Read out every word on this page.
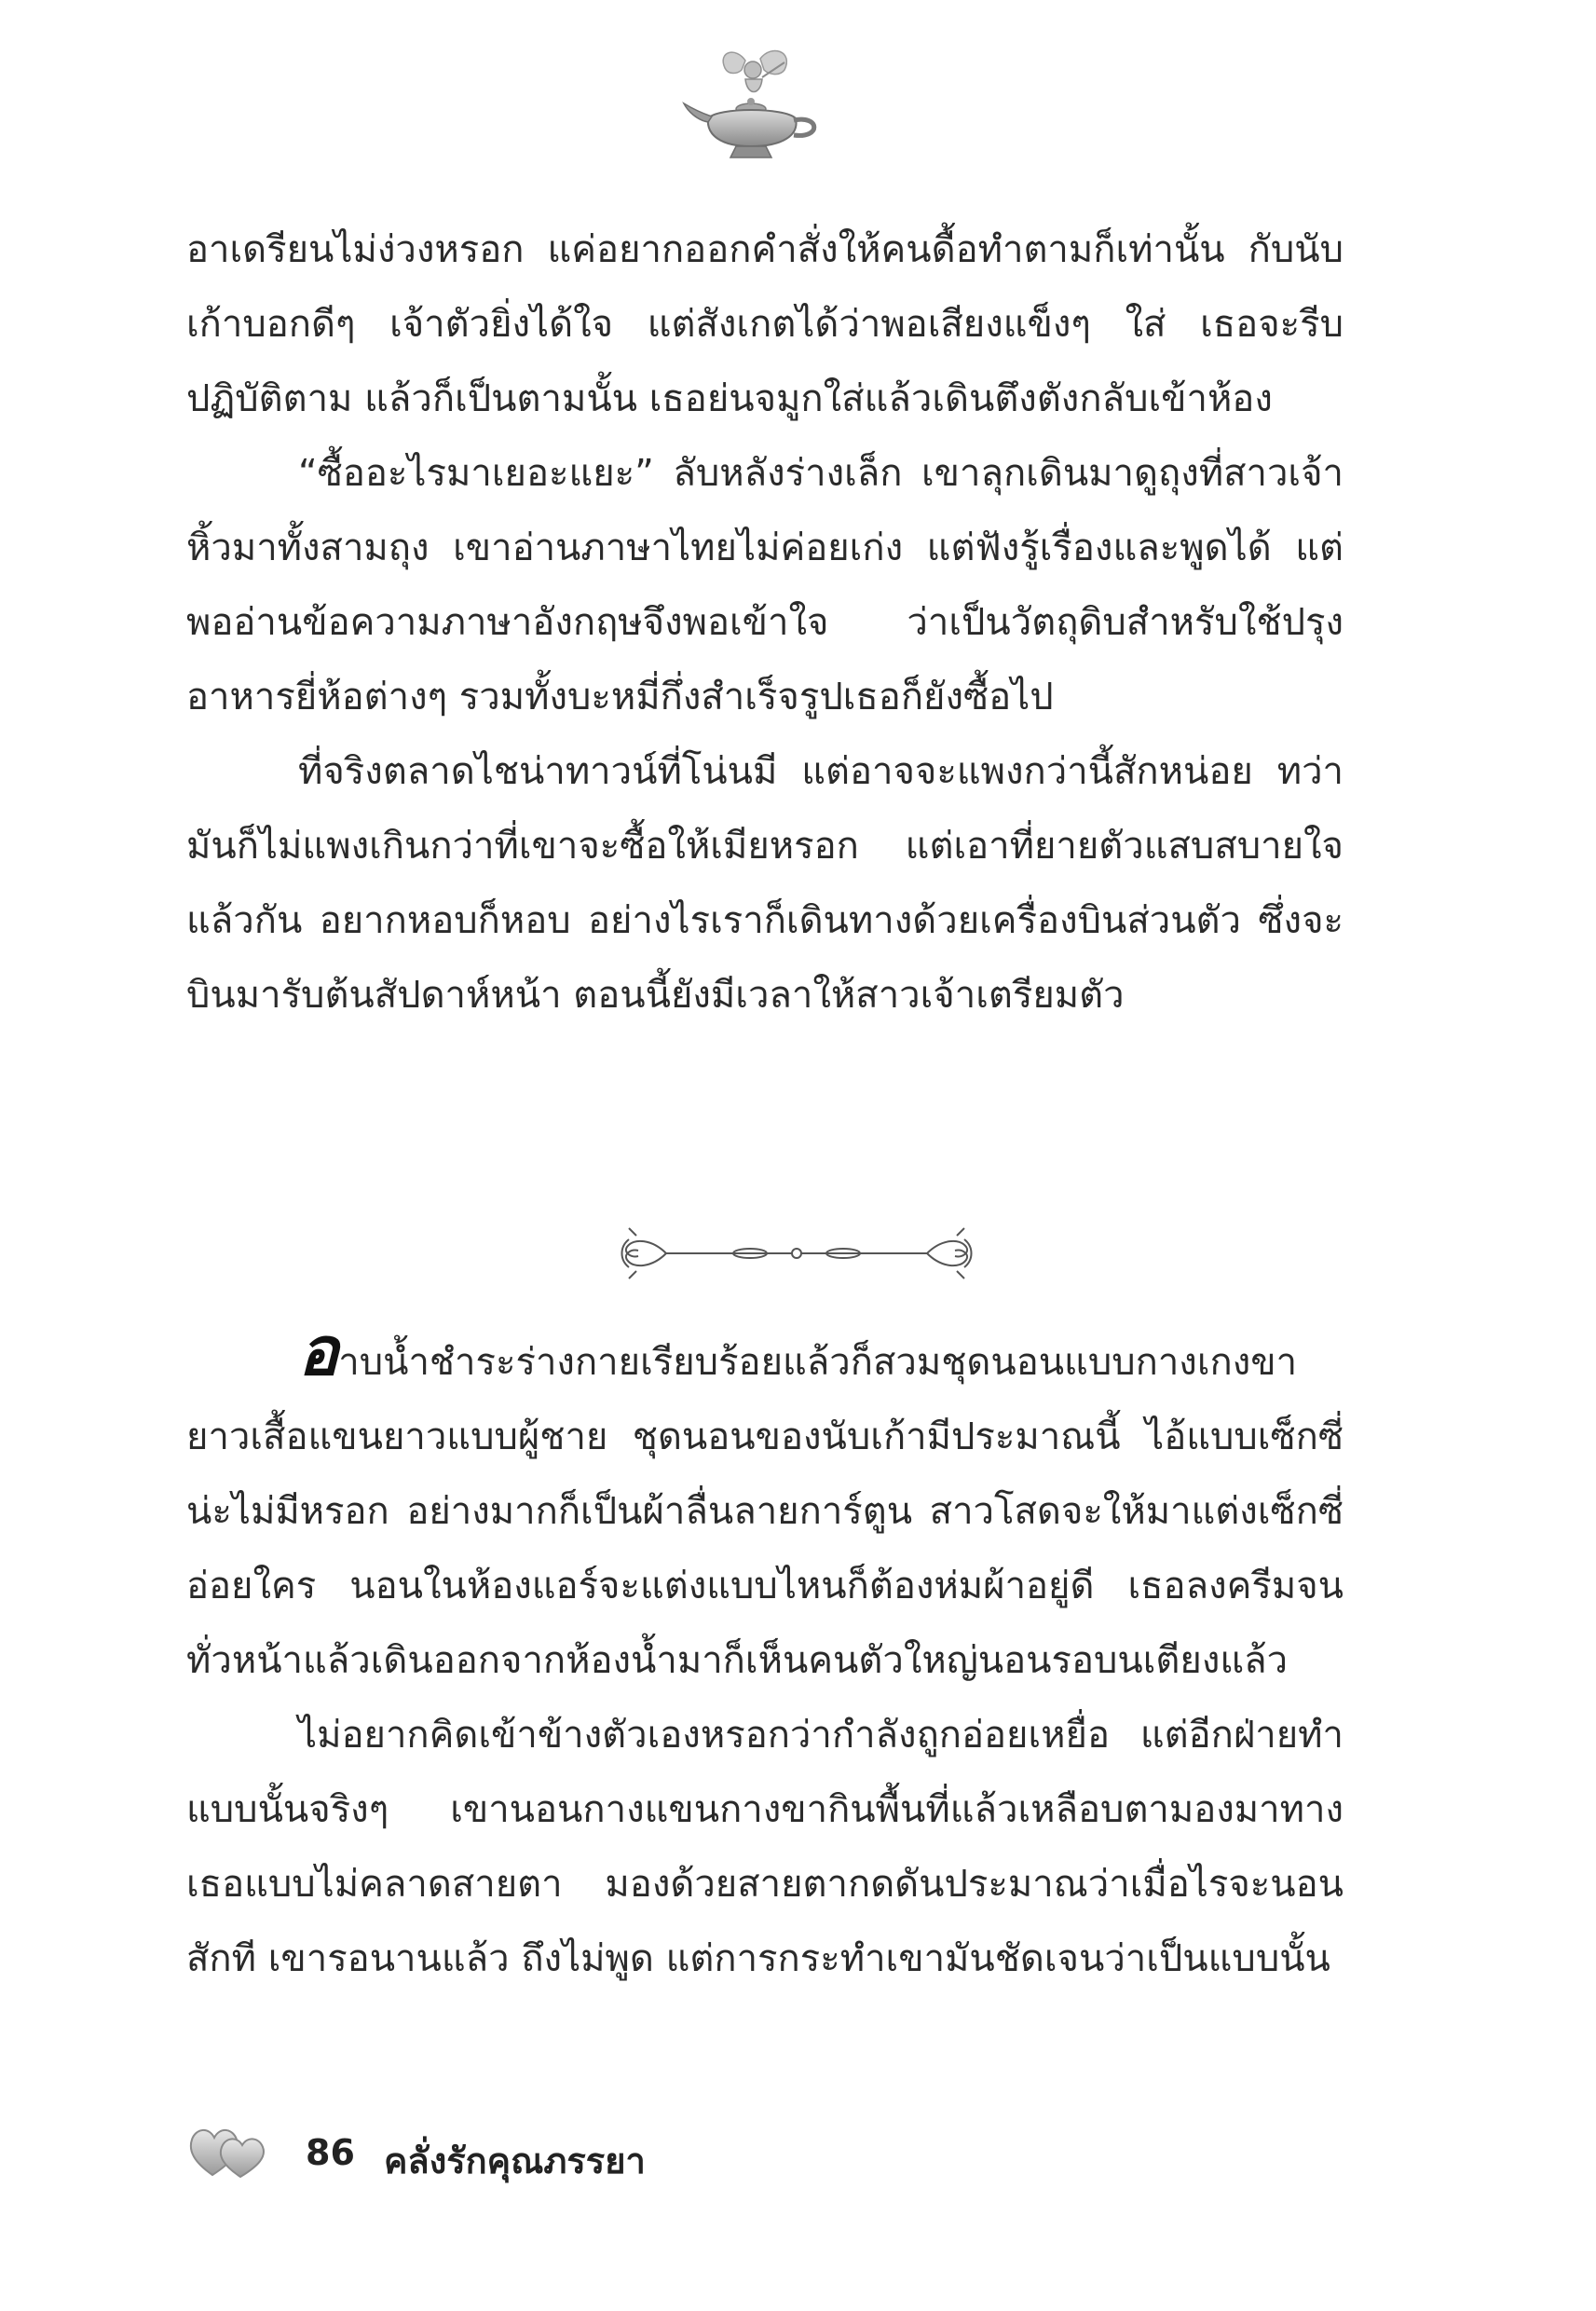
อาเดรียนไม่ง่วงหรอก แค่อยากออกคำสั่งให้คนดื้อทำตามก็เท่านั้น กับนับเก้าบอกดีๆ เจ้าตัวยิ่งได้ใจ แต่สังเกตได้ว่าพอเสียงแข็งๆ ใส่ เธอจะรีบปฏิบัติตาม แล้วก็เป็นตามนั้น เธอย่นจมูกใส่แล้วเดินตึงตังกลับเข้าห้อง

“ซื้ออะไรมาเยอะแยะ” ลับหลังร่างเล็ก เขาลุกเดินมาดูถุงที่สาวเจ้าหิ้วมาทั้งสามถุง เขาอ่านภาษาไทยไม่ค่อยเก่ง แต่ฟังรู้เรื่องและพูดได้ แต่พออ่านข้อความภาษาอังกฤษจึงพอเข้าใจ ว่าเป็นวัตถุดิบสำหรับใช้ปรุงอาหารยี่ห้อต่างๆ รวมทั้งบะหมี่กึ่งสำเร็จรูปเธอก็ยังซื้อไป

ที่จริงตลาดไชน่าทาวน์ที่โน่นมี แต่อาจจะแพงกว่านี้สักหน่อย ทว่ามันก็ไม่แพงเกินกว่าที่เขาจะซื้อให้เมียหรอก แต่เอาที่ยายตัวแสบสบายใจแล้วกัน อยากหอบก็หอบ อย่างไรเราก็เดินทางด้วยเครื่องบินส่วนตัว ซึ่งจะบินมารับต้นสัปดาห์หน้า ตอนนี้ยังมีเวลาให้สาวเจ้าเตรียมตัว

อาบน้ำชำระร่างกายเรียบร้อยแล้วก็สวมชุดนอนแบบกางเกงขายาวเสื้อแขนยาวแบบผู้ชาย ชุดนอนของนับเก้ามีประมาณนี้ ไอ้แบบเซ็กซี่น่ะไม่มีหรอก อย่างมากก็เป็นผ้าลื่นลายการ์ตูน สาวโสดจะให้มาแต่งเซ็กซี่อ่อยใคร นอนในห้องแอร์จะแต่งแบบไหนก็ต้องห่มผ้าอยู่ดี เธอลงครีมจนทั่วหน้าแล้วเดินออกจากห้องน้ำมาก็เห็นคนตัวใหญ่นอนรอบนเตียงแล้ว

ไม่อยากคิดเข้าข้างตัวเองหรอกว่ากำลังถูกอ่อยเหยื่อ แต่อีกฝ่ายทำแบบนั้นจริงๆ เขานอนกางแขนกางขากินพื้นที่แล้วเหลือบตามองมาทางเธอแบบไม่คลาดสายตา มองด้วยสายตากดดันประมาณว่าเมื่อไรจะนอนสักที เขารอนานแล้ว ถึงไม่พูด แต่การกระทำเขามันชัดเจนว่าเป็นแบบนั้น

86 คลั่งรักคุณภรรยา
